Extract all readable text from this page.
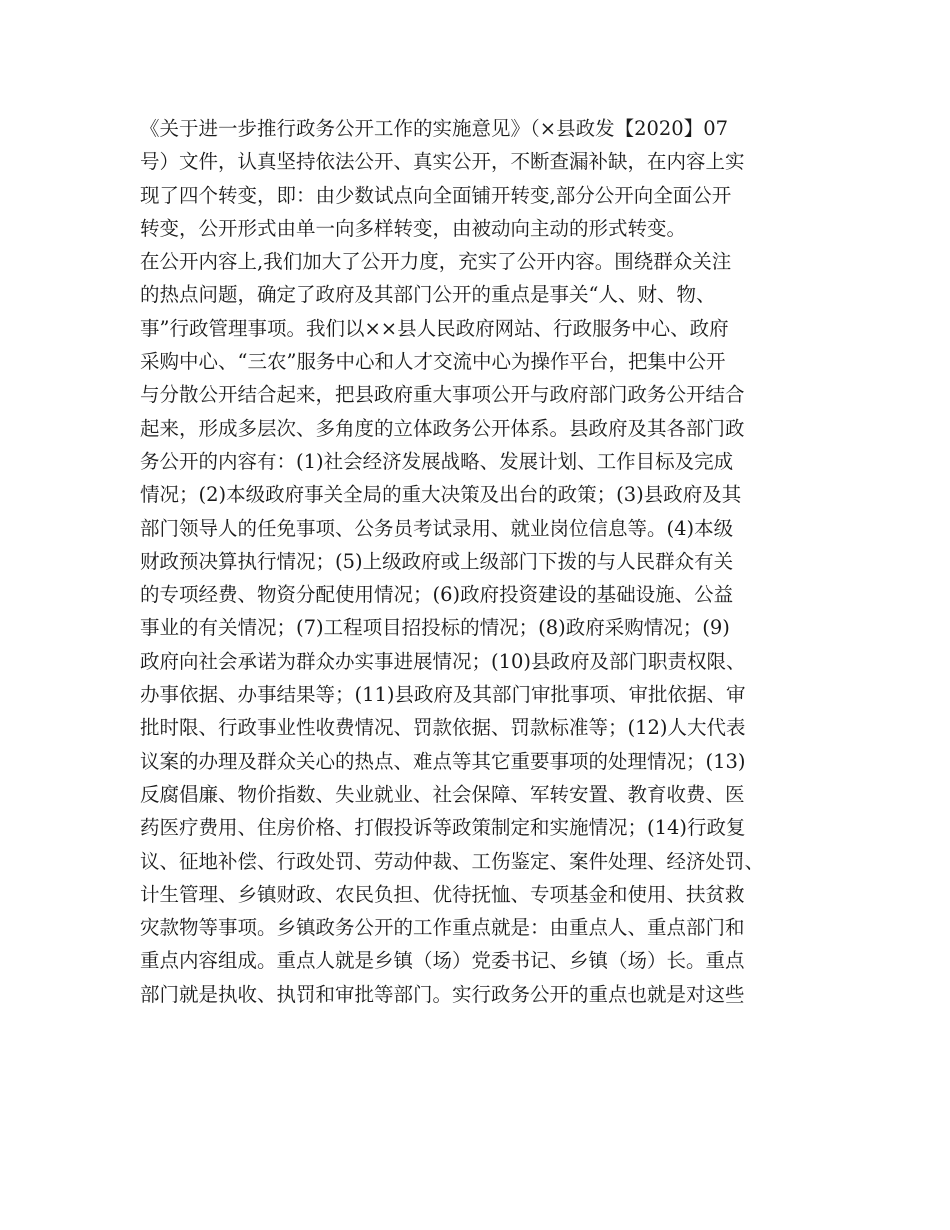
《关于进一步推行政务公开工作的实施意见》（×县政发【2020】07
号）文件，认真坚持依法公开、真实公开，不断查漏补缺，在内容上实
现了四个转变，即：由少数试点向全面铺开转变,部分公开向全面公开
转变，公开形式由单一向多样转变，由被动向主动的形式转变。
在公开内容上,我们加大了公开力度，充实了公开内容。围绕群众关注
的热点问题，确定了政府及其部门公开的重点是事关“人、财、物、
事”行政管理事项。我们以××县人民政府网站、行政服务中心、政府
采购中心、“三农”服务中心和人才交流中心为操作平台，把集中公开
与分散公开结合起来，把县政府重大事项公开与政府部门政务公开结合
起来，形成多层次、多角度的立体政务公开体系。县政府及其各部门政
务公开的内容有：(1)社会经济发展战略、发展计划、工作目标及完成
情况；(2)本级政府事关全局的重大决策及出台的政策；(3)县政府及其
部门领导人的任免事项、公务员考试录用、就业岗位信息等。(4)本级
财政预决算执行情况；(5)上级政府或上级部门下拨的与人民群众有关
的专项经费、物资分配使用情况；(6)政府投资建设的基础设施、公益
事业的有关情况；(7)工程项目招投标的情况；(8)政府采购情况；(9)
政府向社会承诺为群众办实事进展情况；(10)县政府及部门职责权限、
办事依据、办事结果等；(11)县政府及其部门审批事项、审批依据、审
批时限、行政事业性收费情况、罚款依据、罚款标准等；(12)人大代表
议案的办理及群众关心的热点、难点等其它重要事项的处理情况；(13)
反腐倡廉、物价指数、失业就业、社会保障、军转安置、教育收费、医
药医疗费用、住房价格、打假投诉等政策制定和实施情况；(14)行政复
议、征地补偿、行政处罚、劳动仲裁、工伤鉴定、案件处理、经济处罚、
计生管理、乡镇财政、农民负担、优待抚恤、专项基金和使用、扶贫救
灾款物等事项。乡镇政务公开的工作重点就是：由重点人、重点部门和
重点内容组成。重点人就是乡镇（场）党委书记、乡镇（场）长。重点
部门就是执收、执罚和审批等部门。实行政务公开的重点也就是对这些
